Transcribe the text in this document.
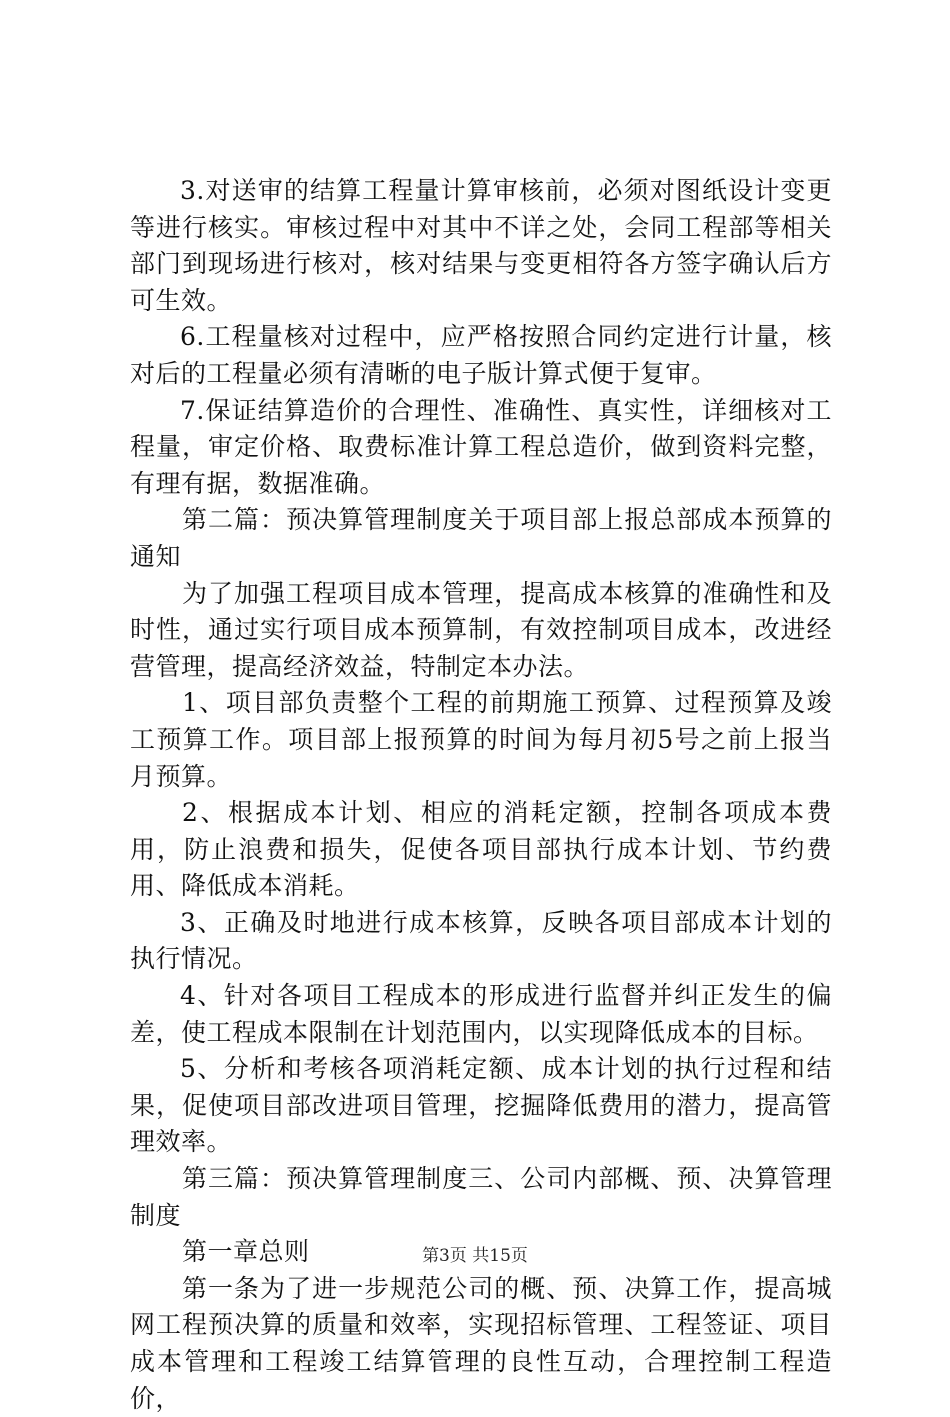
3.对送审的结算工程量计算审核前，必须对图纸设计变更等进行核实。审核过程中对其中不详之处，会同工程部等相关部门到现场进行核对，核对结果与变更相符各方签字确认后方可生效。

6.工程量核对过程中，应严格按照合同约定进行计量，核对后的工程量必须有清晰的电子版计算式便于复审。

7.保证结算造价的合理性、准确性、真实性，详细核对工程量，审定价格、取费标准计算工程总造价，做到资料完整，有理有据，数据准确。

第二篇：预决算管理制度关于项目部上报总部成本预算的通知

为了加强工程项目成本管理，提高成本核算的准确性和及时性，通过实行项目成本预算制，有效控制项目成本，改进经营管理，提高经济效益，特制定本办法。

1、项目部负责整个工程的前期施工预算、过程预算及竣工预算工作。项目部上报预算的时间为每月初5号之前上报当月预算。

2、根据成本计划、相应的消耗定额，控制各项成本费用，防止浪费和损失，促使各项目部执行成本计划、节约费用、降低成本消耗。

3、正确及时地进行成本核算，反映各项目部成本计划的执行情况。

4、针对各项目工程成本的形成进行监督并纠正发生的偏差，使工程成本限制在计划范围内，以实现降低成本的目标。

5、分析和考核各项消耗定额、成本计划的执行过程和结果，促使项目部改进项目管理，挖掘降低费用的潜力，提高管理效率。

第三篇：预决算管理制度三、公司内部概、预、决算管理制度

第一章总则

第一条为了进一步规范公司的概、预、决算工作，提高城网工程预决算的质量和效率，实现招标管理、工程签证、项目成本管理和工程竣工结算管理的良性互动，合理控制工程造价，

第3页 共15页
